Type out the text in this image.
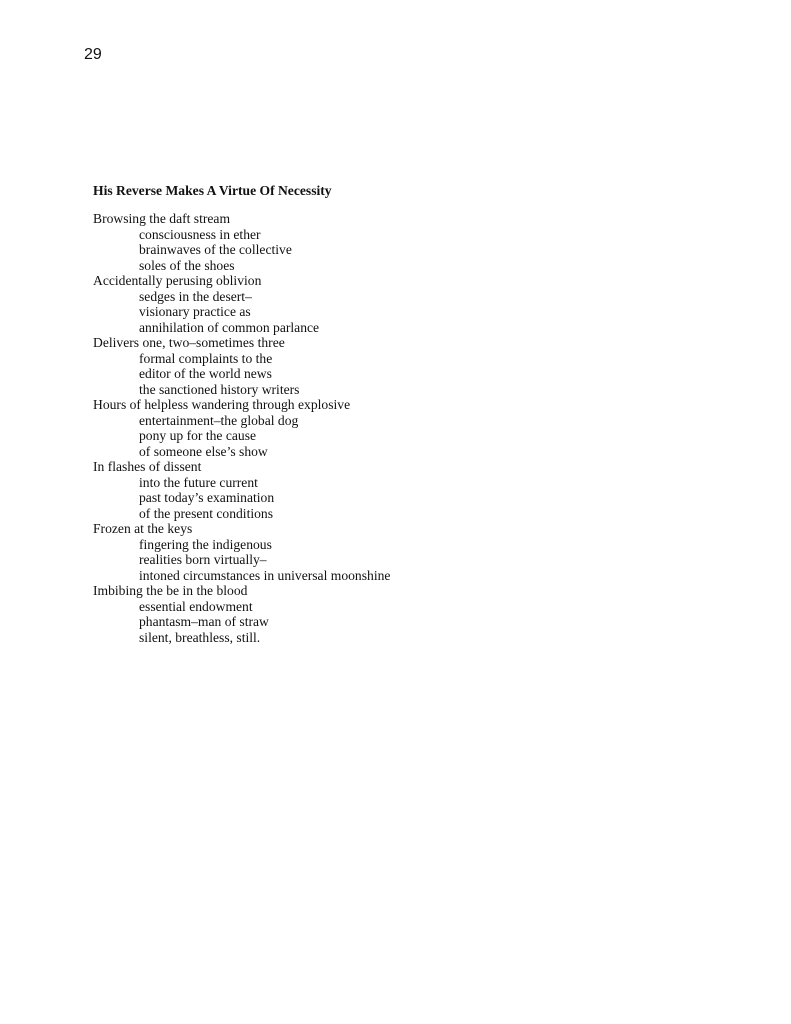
29

His Reverse Makes A Virtue Of Necessity
Browsing the daft stream
consciousness in ether
brainwaves of the collective
soles of the shoes
Accidentally perusing oblivion
sedges in the desert–
visionary practice as
annihilation of common parlance
Delivers one, two–sometimes three
formal complaints to the
editor of the world news
the sanctioned history writers
Hours of helpless wandering through explosive
entertainment–the global dog
pony up for the cause
of someone else’s show
In flashes of dissent
into the future current
past today’s examination
of the present conditions
Frozen at the keys
fingering the indigenous
realities born virtually–
intoned circumstances in universal moonshine
Imbibing the be in the blood
essential endowment
phantasm–man of straw
silent, breathless, still.
